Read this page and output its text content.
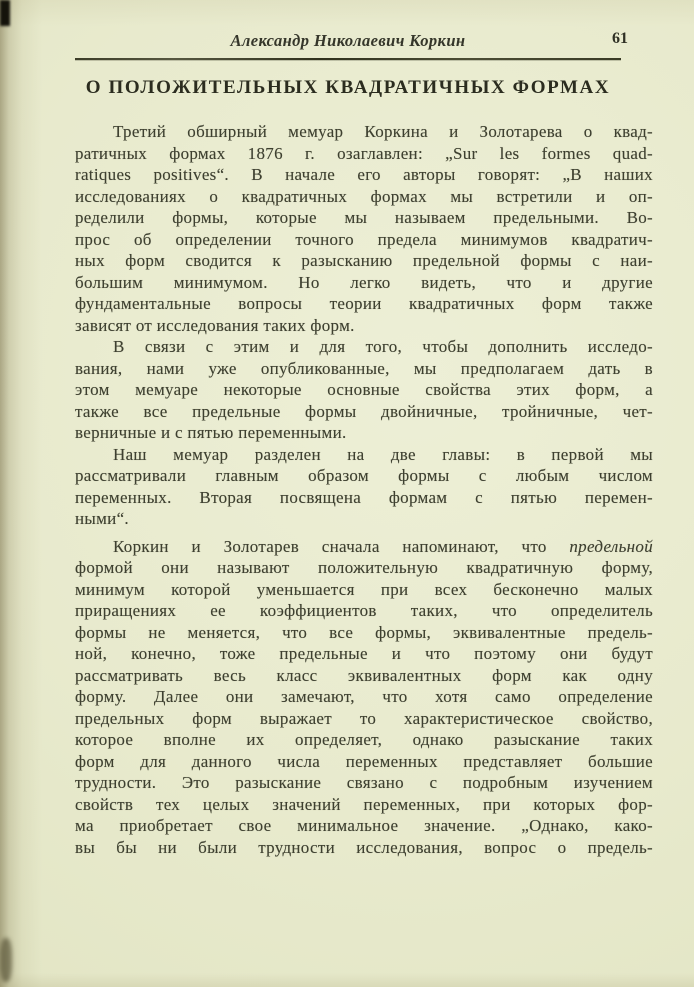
Александр Николаевич Коркин	61
О ПОЛОЖИТЕЛЬНЫХ КВАДРАТИЧНЫХ ФОРМАХ
Третий обширный мемуар Коркина и Золотарева о квад-
ратичных формах 1876 г. озаглавлен: „Sur les formes quad-
ratiques positives“. В начале его авторы говорят: „В наших
исследованиях о квадратичных формах мы встретили и оп-
ределили формы, которые мы называем предельными. Во-
прос об определении точного предела минимумов квадратич-
ных форм сводится к разысканию предельной формы с наи-
большим минимумом. Но легко видеть, что и другие
фундаментальные вопросы теории квадратичных форм также
зависят от исследования таких форм.
В связи с этим и для того, чтобы дополнить исследо-
вания, нами уже опубликованные, мы предполагаем дать в
этом мемуаре некоторые основные свойства этих форм, а
также все предельные формы двойничные, тройничные, чет-
верничные и с пятью переменными.
Наш мемуар разделен на две главы: в первой мы
рассматривали главным образом формы с любым числом
переменных. Вторая посвящена формам с пятью перемен-
ными“.
Коркин и Золотарев сначала напоминают, что предельной
формой они называют положительную квадратичную форму,
минимум которой уменьшается при всех бесконечно малых
приращениях ее коэффициентов таких, что определитель
формы не меняется, что все формы, эквивалентные предель-
ной, конечно, тоже предельные и что поэтому они будут
рассматривать весь класс эквивалентных форм как одну
форму. Далее они замечают, что хотя само определение
предельных форм выражает то характеристическое свойство,
которое вполне их определяет, однако разыскание таких
форм для данного числа переменных представляет большие
трудности. Это разыскание связано с подробным изучением
свойств тех целых значений переменных, при которых фор-
ма приобретает свое минимальное значение. „Однако, како-
вы бы ни были трудности исследования, вопрос о предель-
